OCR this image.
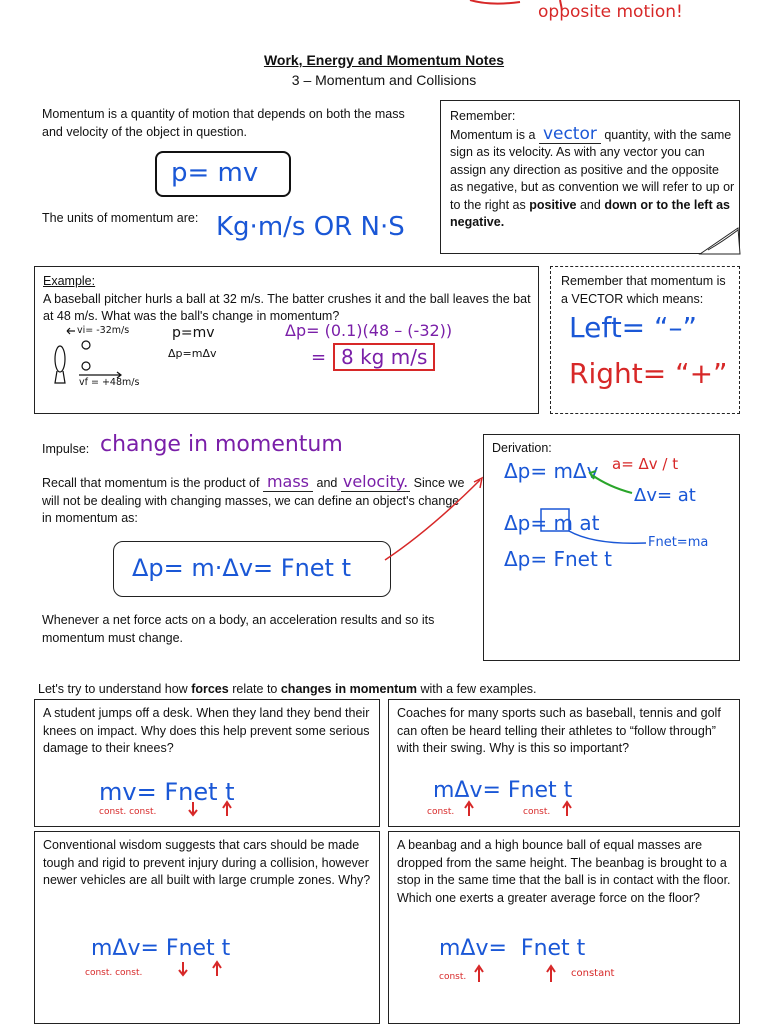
opposite motion!
Work, Energy and Momentum Notes
3 – Momentum and Collisions
Momentum is a quantity of motion that depends on both the mass and velocity of the object in question.
p= mv
The units of momentum are: Kg·m/s OR N·S
Remember:
Momentum is a vector quantity, with the same sign as its velocity. As with any vector you can assign any direction as positive and the opposite as negative, but as convention we will refer to up or to the right as positive and down or to the left as negative.
Example:
A baseball pitcher hurls a ball at 32 m/s. The batter crushes it and the ball leaves the bat at 48 m/s. What was the ball's change in momentum?
vi= -32m/s
vf = +48m/s
p=mv
Δp=mΔv
Δp= (0.1)(48 – (-32))
= 8 kg m/s
Remember that momentum is a VECTOR which means:
Left= “–”
Right= “+”
Impulse: change in momentum
Recall that momentum is the product of mass and velocity. Since we will not be dealing with changing masses, we can define an object's change in momentum as:
Δp= m·Δv= Fnet t
Whenever a net force acts on a body, an acceleration results and so its momentum must change.
Derivation:
Δp= mΔv a= Δv / t
Δv= at
Δp= m at
Fnet=ma
Δp= Fnet t
Let's try to understand how forces relate to changes in momentum with a few examples.
A student jumps off a desk. When they land they bend their knees on impact. Why does this help prevent some serious damage to their knees?
mv= Fnet t
const. const.
Coaches for many sports such as baseball, tennis and golf can often be heard telling their athletes to “follow through” with their swing. Why is this so important?
mΔv= Fnet t
const.	const.
Conventional wisdom suggests that cars should be made tough and rigid to prevent injury during a collision, however newer vehicles are all built with large crumple zones. Why?
mΔv= Fnet t
const. const.
A beanbag and a high bounce ball of equal masses are dropped from the same height. The beanbag is brought to a stop in the same time that the ball is in contact with the floor. Which one exerts a greater average force on the floor?
mΔv=  Fnet t
const.	constant
